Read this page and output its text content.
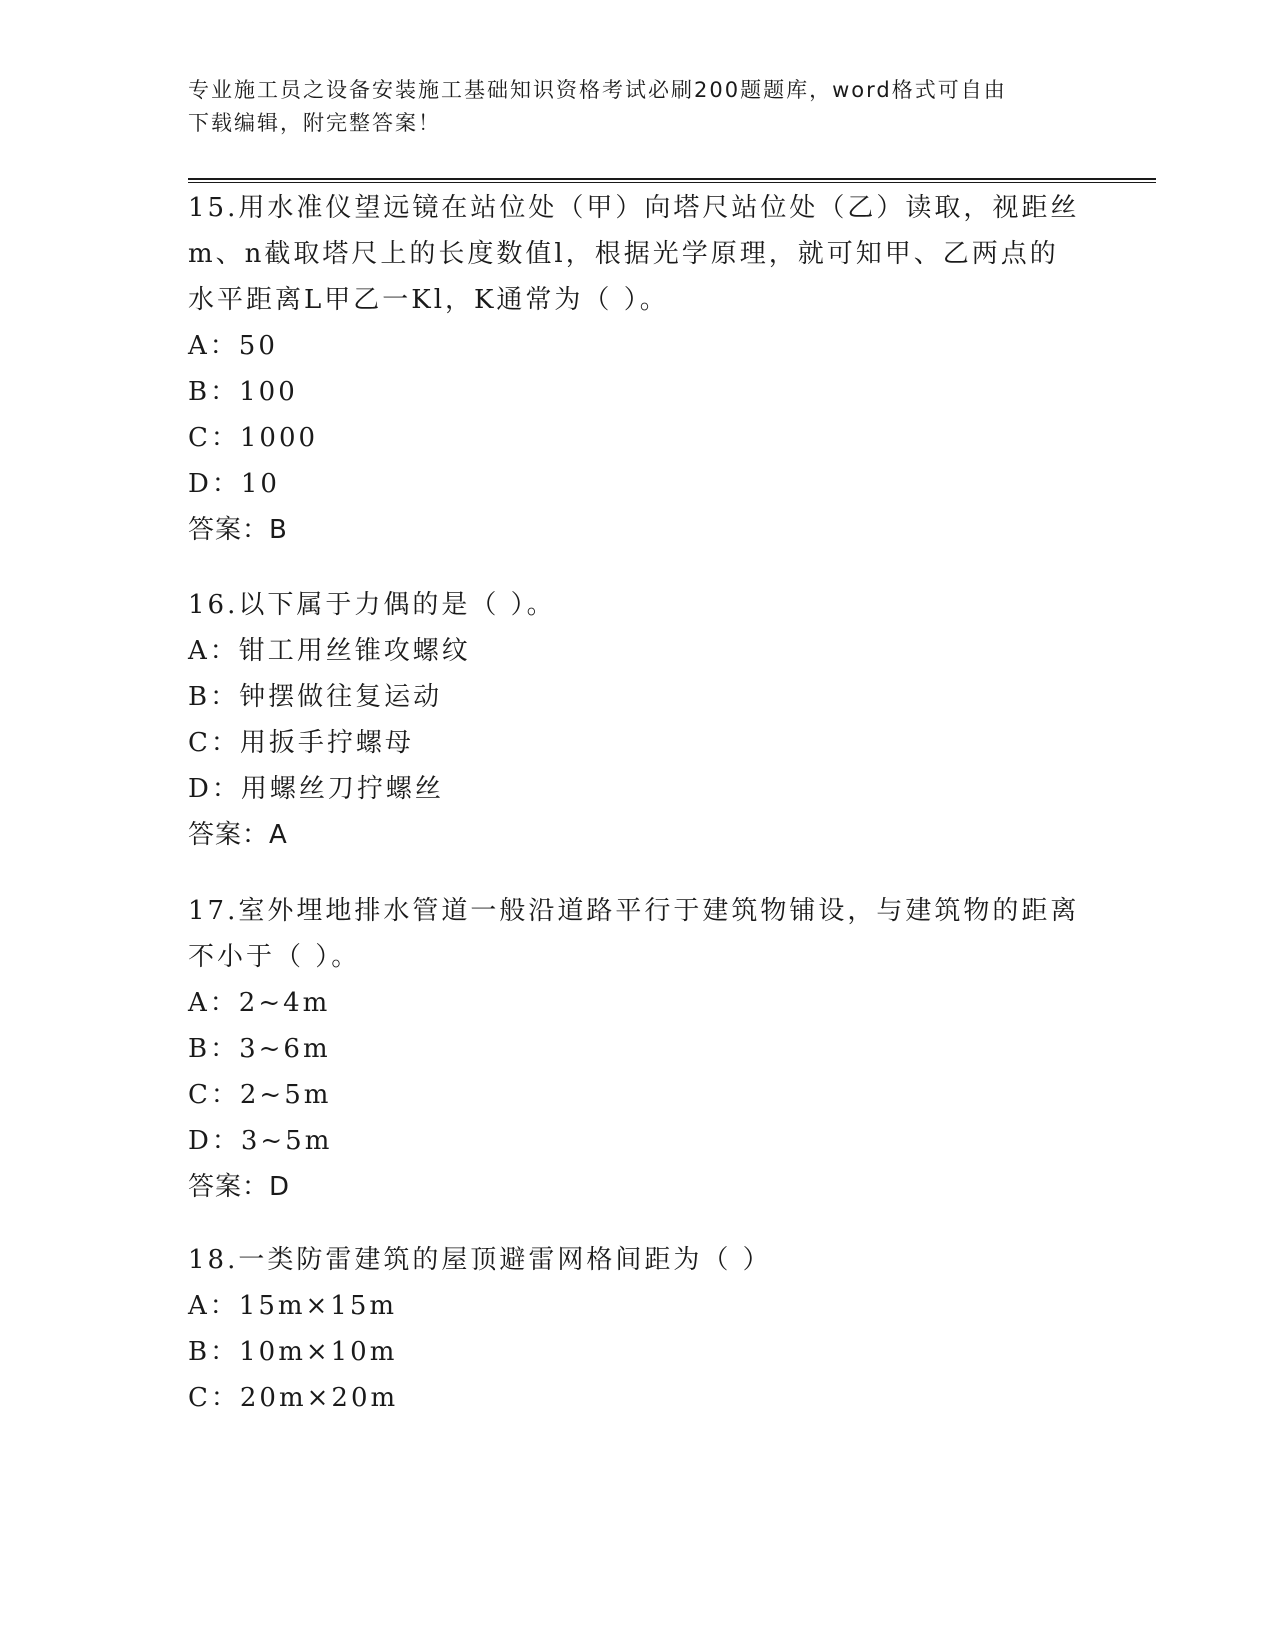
专业施工员之设备安装施工基础知识资格考试必刷200题题库，word格式可自由
下载编辑，附完整答案！
15.用水准仪望远镜在站位处（甲）向塔尺站位处（乙）读取，视距丝
m、n截取塔尺上的长度数值l，根据光学原理，就可知甲、乙两点的
水平距离L甲乙一Kl，K通常为（ ）。
A：50
B：100
C：1000
D：10
答案：B
16.以下属于力偶的是（ ）。
A：钳工用丝锥攻螺纹
B：钟摆做往复运动
C：用扳手拧螺母
D：用螺丝刀拧螺丝
答案：A
17.室外埋地排水管道一般沿道路平行于建筑物铺设，与建筑物的距离
不小于（ ）。
A：2~4m
B：3~6m
C：2~5m
D：3~5m
答案：D
18.一类防雷建筑的屋顶避雷网格间距为（ ）
A：15m×15m
B：10m×10m
C：20m×20m
